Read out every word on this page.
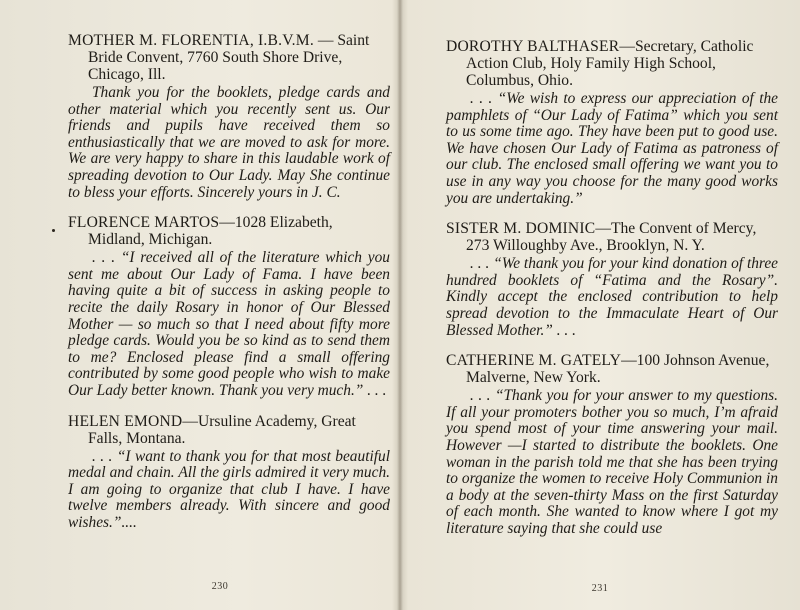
MOTHER M. FLORENTIA, I.B.V.M. — Saint Bride Convent, 7760 South Shore Drive, Chicago, Ill.

Thank you for the booklets, pledge cards and other material which you recently sent us. Our friends and pupils have received them so enthusiastically that we are moved to ask for more. We are very happy to share in this laudable work of spreading devotion to Our Lady. May She continue to bless your efforts. Sincerely yours in J. C.

FLORENCE MARTOS—1028 Elizabeth, Midland, Michigan.

. . . “I received all of the literature which you sent me about Our Lady of Fama. I have been having quite a bit of success in asking people to recite the daily Rosary in honor of Our Blessed Mother — so much so that I need about fifty more pledge cards. Would you be so kind as to send them to me? Enclosed please find a small offering contributed by some good people who wish to make Our Lady better known. Thank you very much.” . . .

HELEN EMOND—Ursuline Academy, Great Falls, Montana.

. . . “I want to thank you for that most beautiful medal and chain. All the girls admired it very much. I am going to organize that club I have. I have twelve members already. With sincere and good wishes.”....

230

DOROTHY BALTHASER—Secretary, Catholic Action Club, Holy Family High School, Columbus, Ohio.

. . . “We wish to express our appreciation of the pamphlets of “Our Lady of Fatima” which you sent to us some time ago. They have been put to good use. We have chosen Our Lady of Fatima as patroness of our club. The enclosed small offering we want you to use in any way you choose for the many good works you are undertaking.”

SISTER M. DOMINIC—The Convent of Mercy, 273 Willoughby Ave., Brooklyn, N. Y.

. . . “We thank you for your kind donation of three hundred booklets of “Fatima and the Rosary”. Kindly accept the enclosed contribution to help spread devotion to the Immaculate Heart of Our Blessed Mother.” . . .

CATHERINE M. GATELY—100 Johnson Avenue, Malverne, New York.

. . . “Thank you for your answer to my questions. If all your promoters bother you so much, I’m afraid you spend most of your time answering your mail. However —I started to distribute the booklets. One woman in the parish told me that she has been trying to organize the women to receive Holy Communion in a body at the seven-thirty Mass on the first Saturday of each month. She wanted to know where I got my literature saying that she could use

231
